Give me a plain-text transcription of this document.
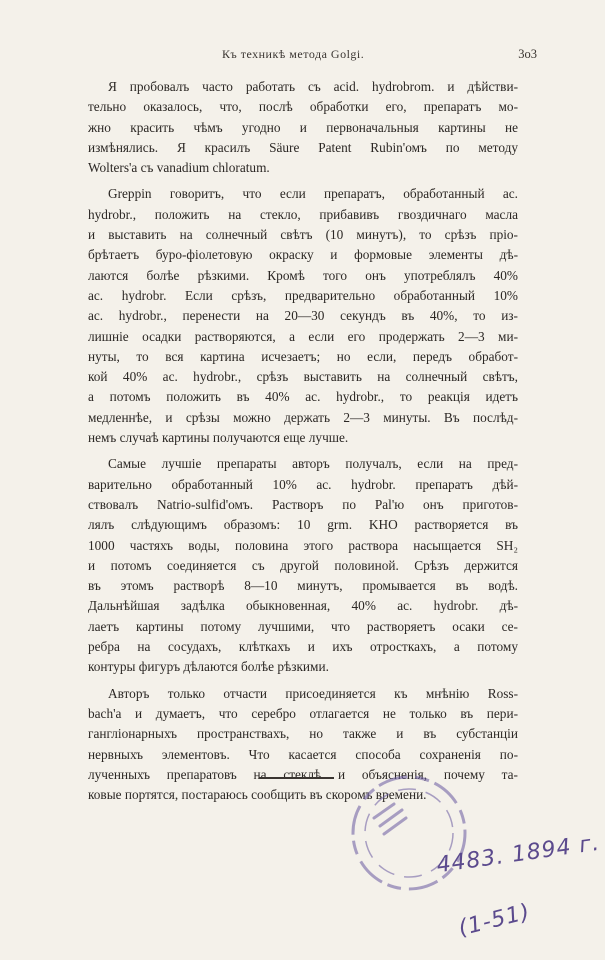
Къ техникѣ метода Golgi.	3o3

Я пробовалъ часто работать съ acid. hydrobrom. и дѣйстви-
тельно оказалось, что, послѣ обработки его, препаратъ мо-
жно красить чѣмъ угодно и первоначальныя картины не
измѣнялись. Я красилъ Säure Patent Rubin'омъ по методу
Wolters'a съ vanadium chloratum.

Greppin говоритъ, что если препаратъ, обработанный ac.
hydrobr., положить на стекло, прибавивъ гвоздичнаго масла
и выставить на солнечный свѣтъ (10 минутъ), то срѣзъ прio-
брѣтаетъ буро-фiолетовую окраску и формовые элементы дѣ-
лаются болѣе рѣзкими. Кромѣ того онъ употреблялъ 40%
ac. hydrobr. Если срѣзъ, предварительно обработанный 10%
ac. hydrobr., перенести на 20—30 секундъ въ 40%, то из-
лишнiе осадки растворяются, а если его продержать 2—3 ми-
нуты, то вся картина исчезаетъ; но если, передъ обработ-
кой 40% ac. hydrobr., срѣзъ выставить на солнечный свѣтъ,
а потомъ положить въ 40% ac. hydrobr., то реакцiя идетъ
медленнѣе, и срѣзы можно держать 2—3 минуты. Въ послѣд-
немъ случаѣ картины получаются еще лучше.

Самые лучшiе препараты авторъ получалъ, если на пред-
варительно обработанный 10% ac. hydrobr. препаратъ дѣй-
ствовалъ Natrio-sulfid'омъ. Растворъ по Pal'ю онъ приготов-
лялъ слѣдующимъ образомъ: 10 grm. KHO растворяется въ
1000 частяхъ воды, половина этого раствора насыщается SH₂
и потомъ соединяется съ другой половиной. Срѣзъ держится
въ этомъ растворѣ 8—10 минутъ, промывается въ водѣ.
Дальнѣйшая задѣлка обыкновенная, 40% ac. hydrobr. дѣ-
лаетъ картины потому лучшими, что растворяетъ осаки се-
ребра на сосудахъ, клѣткахъ и ихъ отросткахъ, а потому
контуры фигуръ дѣлаются болѣе рѣзкими.

Авторъ только отчасти присоединяется къ мнѣнiю Ross-
bach'a и думаетъ, что серебро отлагается не только въ пери-
ганглiонарныхъ пространствахъ, но также и въ субстанцiи
нервныхъ элементовъ. Что касается способа сохраненiя по-
лученныхъ препаратовъ на стеклѣ и объясненiя, почему та-
ковые портятся, постараюсь сообщить въ скоромъ времени.

4483. 1894 г.
(1-51)
